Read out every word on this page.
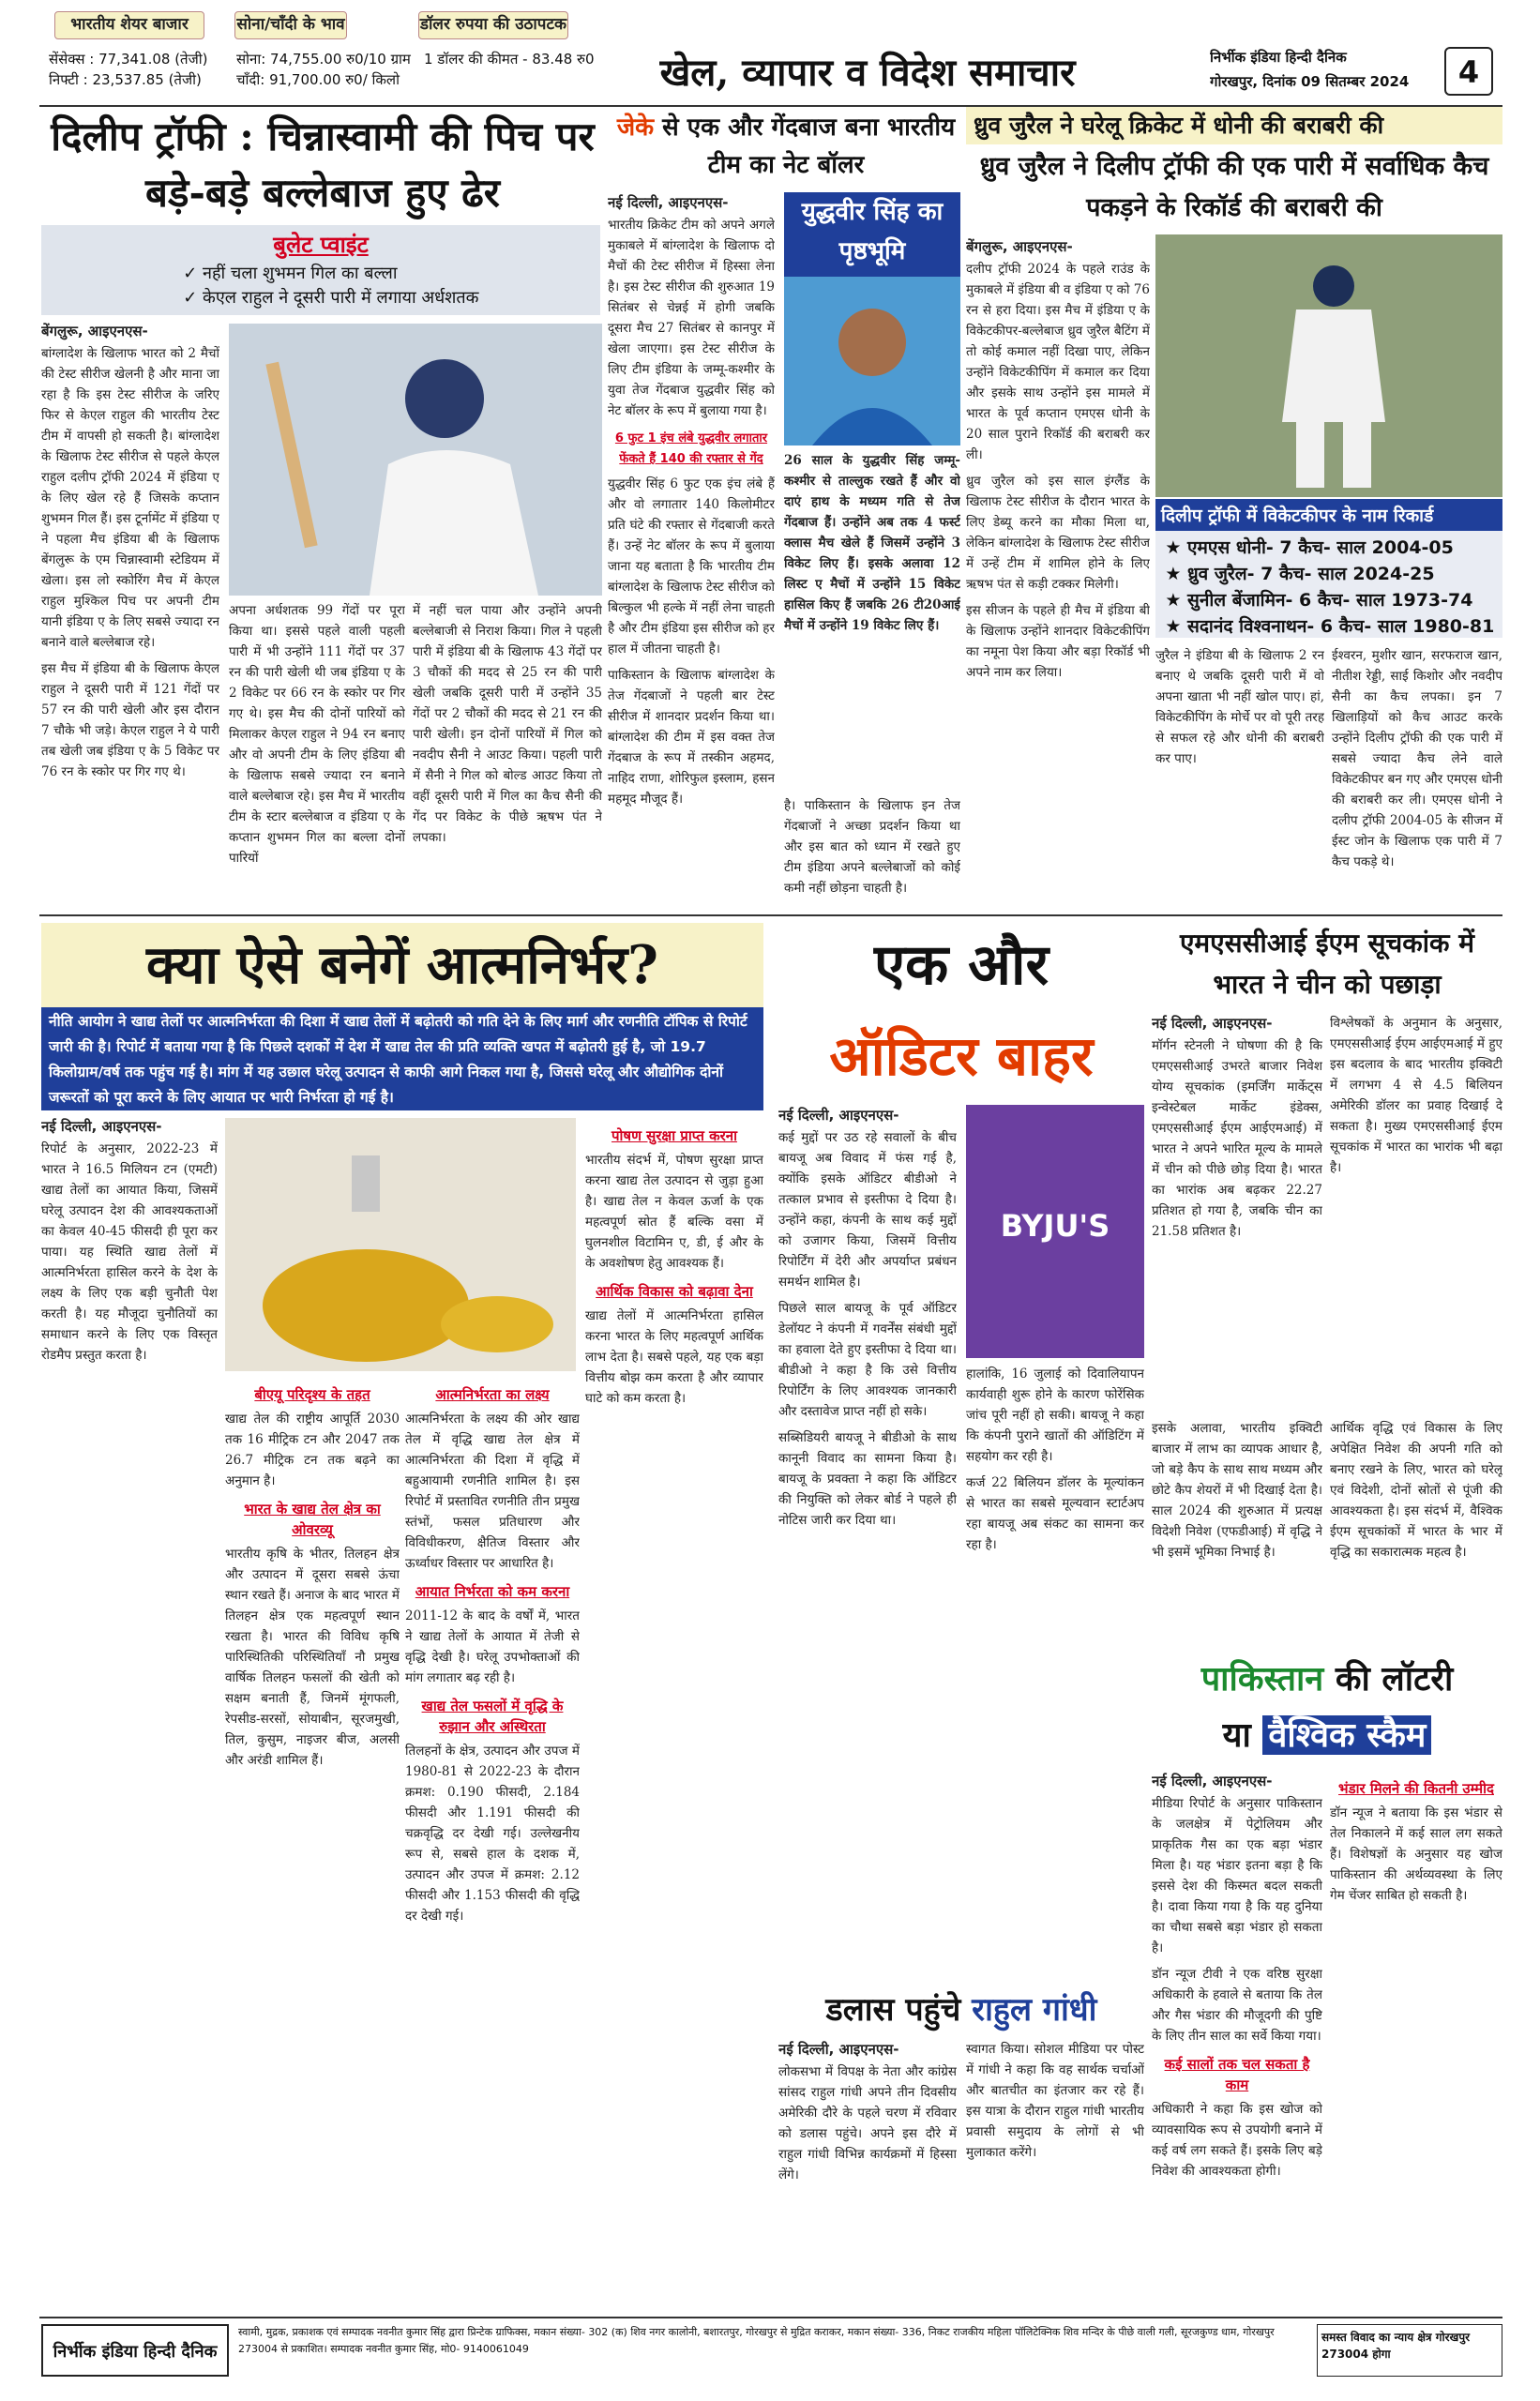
भारतीय शेयर बाजार	सोना/चाँदी के भाव	डॉलर रुपया की उठापटक
सेंसेक्स : 77,341.08 (तेजी)
निफ्टी : 23,537.85 (तेजी)
सोना: 74,755.00 रु0/10 ग्राम
चाँदी: 91,700.00 रु0/ किलो
1 डॉलर की कीमत - 83.48 रु0	खेल, व्यापार व विदेश समाचार	निर्भीक इंडिया हिन्दी दैनिक
गोरखपुर, दिनांक 09 सितम्बर 2024	4
दिलीप ट्रॉफी : चिन्नास्वामी की पिच पर बड़े-बड़े बल्लेबाज हुए ढेर
बुलेट प्वाइंट
✓ नहीं चला शुभमन गिल का बल्ला
✓ केएल राहुल ने दूसरी पारी में लगाया अर्धशतक
बेंगलुरू, आइएनएस-
बांग्लादेश के खिलाफ भारत को 2 मैचों की टेस्ट सीरीज खेलनी है और माना जा रहा है कि इस टेस्ट सीरीज के जरिए फिर से केएल राहुल की भारतीय टेस्ट टीम में वापसी हो सकती है। बांग्लादेश के खिलाफ टेस्ट सीरीज से पहले केएल राहुल दलीप ट्रॉफी 2024 में इंडिया ए के लिए खेल रहे हैं जिसके कप्तान शुभमन गिल हैं। इस टूर्नामेंट में इंडिया ए ने पहला मैच इंडिया बी के खिलाफ बेंगलुरू के एम चिन्नास्वामी स्टेडियम में खेला। इस लो स्कोरिंग मैच में केएल राहुल मुश्किल पिच पर अपनी टीम यानी इंडिया ए के लिए सबसे ज्यादा रन बनाने वाले बल्लेबाज रहे।
इस मैच में इंडिया बी के खिलाफ केएल राहुल ने दूसरी पारी में 121 गेंदों पर 57 रन की पारी खेली और इस दौरान 7 चौके भी जड़े। केएल राहुल ने ये पारी तब खेली जब इंडिया ए के 5 विकेट पर 76 रन के स्कोर पर गिर गए थे।
अपना अर्धशतक 99 गेंदों पर पूरा किया था। इससे पहले वाली पहली पारी में भी उन्होंने 111 गेंदों पर 37 रन की पारी खेली थी जब इंडिया ए के 2 विकेट पर 66 रन के स्कोर पर गिर गए थे। इस मैच की दोनों पारियों को मिलाकर केएल राहुल ने 94 रन बनाए और वो अपनी टीम के लिए इंडिया बी के खिलाफ सबसे ज्यादा रन बनाने वाले बल्लेबाज रहे। इस मैच में भारतीय टीम के स्टार बल्लेबाज व इंडिया ए के कप्तान शुभमन गिल का बल्ला दोनों पारियों
में नहीं चल पाया और उन्होंने अपनी बल्लेबाजी से निराश किया। गिल ने पहली पारी में इंडिया बी के खिलाफ 43 गेंदों पर 3 चौकों की मदद से 25 रन की पारी खेली जबकि दूसरी पारी में उन्होंने 35 गेंदों पर 2 चौकों की मदद से 21 रन की पारी खेली। इन दोनों पारियों में गिल को नवदीप सैनी ने आउट किया। पहली पारी में सैनी ने गिल को बोल्ड आउट किया तो वहीं दूसरी पारी में गिल का कैच सैनी की गेंद पर विकेट के पीछे ऋषभ पंत ने लपका।
जेके से एक और गेंदबाज बना भारतीय टीम का नेट बॉलर
नई दिल्ली, आइएनएस-
भारतीय क्रिकेट टीम को अपने अगले मुकाबले में बांग्लादेश के खिलाफ दो मैचों की टेस्ट सीरीज में हिस्सा लेना है। इस टेस्ट सीरीज की शुरुआत 19 सितंबर से चेन्नई में होगी जबकि दूसरा मैच 27 सितंबर से कानपुर में खेला जाएगा। इस टेस्ट सीरीज के लिए टीम इंडिया के जम्मू-कश्मीर के युवा तेज गेंदबाज युद्धवीर सिंह को नेट बॉलर के रूप में बुलाया गया है।
6 फुट 1 इंच लंबे युद्धवीर लगातार फेंकते हैं 140 की रफ्तार से गेंद
युद्धवीर सिंह 6 फुट एक इंच लंबे हैं और वो लगातार 140 किलोमीटर प्रति घंटे की रफ्तार से गेंदबाजी करते हैं। उन्हें नेट बॉलर के रूप में बुलाया जाना यह बताता है कि भारतीय टीम बांग्लादेश के खिलाफ टेस्ट सीरीज को बिल्कुल भी हल्के में नहीं लेना चाहती है और टीम इंडिया इस सीरीज को हर हाल में जीतना चाहती है।
पाकिस्तान के खिलाफ बांग्लादेश के तेज गेंदबाजों ने पहली बार टेस्ट सीरीज में शानदार प्रदर्शन किया था। बांग्लादेश की टीम में इस वक्त तेज गेंदबाज के रूप में तस्कीन अहमद, नाहिद राणा, शोरिफुल इस्लाम, हसन महमूद मौजूद हैं।
युद्धवीर सिंह का पृष्ठभूमि
26 साल के युद्धवीर सिंह जम्मू-कश्मीर से ताल्लुक रखते हैं और वो दाएं हाथ के मध्यम गति से तेज गेंदबाज हैं। उन्होंने अब तक 4 फर्स्ट क्लास मैच खेले हैं जिसमें उन्होंने 3 विकेट लिए हैं। इसके अलावा 12 लिस्ट ए मैचों में उन्होंने 15 विकेट हासिल किए हैं जबकि 26 टी20आई मैचों में उन्होंने 19 विकेट लिए हैं।
है। पाकिस्तान के खिलाफ इन तेज गेंदबाजों ने अच्छा प्रदर्शन किया था और इस बात को ध्यान में रखते हुए टीम इंडिया अपने बल्लेबाजों को कोई कमी नहीं छोड़ना चाहती है।
ध्रुव जुरैल ने घरेलू क्रिकेट में धोनी की बराबरी की
ध्रुव जुरैल ने दिलीप ट्रॉफी की एक पारी में सर्वाधिक कैच पकड़ने के रिकॉर्ड की बराबरी की
बेंगलुरू, आइएनएस-
दलीप ट्रॉफी 2024 के पहले राउंड के मुकाबले में इंडिया बी व इंडिया ए को 76 रन से हरा दिया। इस मैच में इंडिया ए के विकेटकीपर-बल्लेबाज ध्रुव जुरैल बैटिंग में तो कोई कमाल नहीं दिखा पाए, लेकिन उन्होंने विकेटकीपिंग में कमाल कर दिया और इसके साथ उन्होंने इस मामले में भारत के पूर्व कप्तान एमएस धोनी के 20 साल पुराने रिकॉर्ड की बराबरी कर ली।
ध्रुव जुरैल को इस साल इंग्लैंड के खिलाफ टेस्ट सीरीज के दौरान भारत के लिए डेब्यू करने का मौका मिला था, लेकिन बांग्लादेश के खिलाफ टेस्ट सीरीज में उन्हें टीम में शामिल होने के लिए ऋषभ पंत से कड़ी टक्कर मिलेगी।
इस सीजन के पहले ही मैच में इंडिया बी के खिलाफ उन्होंने शानदार विकेटकीपिंग का नमूना पेश किया और बड़ा रिकॉर्ड भी अपने नाम कर लिया।
दिलीप ट्रॉफी में विकेटकीपर के नाम रिकार्ड
★ एमएस धोनी- 7 कैच- साल 2004-05
★ ध्रुव जुरैल- 7 कैच- साल 2024-25
★ सुनील बेंजामिन- 6 कैच- साल 1973-74
★ सदानंद विश्वनाथन- 6 कैच- साल 1980-81
जुरैल ने इंडिया बी के खिलाफ 2 रन बनाए थे जबकि दूसरी पारी में वो अपना खाता भी नहीं खोल पाए। हां, विकेटकीपिंग के मोर्चे पर वो पूरी तरह से सफल रहे और धोनी की बराबरी कर पाए।
ईश्वरन, मुशीर खान, सरफराज खान, नीतीश रेड्डी, साई किशोर और नवदीप सैनी का कैच लपका। इन 7 खिलाड़ियों को कैच आउट करके उन्होंने दिलीप ट्रॉफी की एक पारी में सबसे ज्यादा कैच लेने वाले विकेटकीपर बन गए और एमएस धोनी की बराबरी कर ली। एमएस धोनी ने दलीप ट्रॉफी 2004-05 के सीजन में ईस्ट जोन के खिलाफ एक पारी में 7 कैच पकड़े थे।
क्या ऐसे बनेगें आत्मनिर्भर?
नीति आयोग ने खाद्य तेलों पर आत्मनिर्भरता की दिशा में खाद्य तेलों में बढ़ोतरी को गति देने के लिए मार्ग और रणनीति टॉपिक से रिपोर्ट जारी की है। रिपोर्ट में बताया गया है कि पिछले दशकों में देश में खाद्य तेल की प्रति व्यक्ति खपत में बढ़ोतरी हुई है, जो 19.7 किलोग्राम/वर्ष तक पहुंच गई है। मांग में यह उछाल घरेलू उत्पादन से काफी आगे निकल गया है, जिससे घरेलू और औद्योगिक दोनों जरूरतों को पूरा करने के लिए आयात पर भारी निर्भरता हो गई है।
नई दिल्ली, आइएनएस-
रिपोर्ट के अनुसार, 2022-23 में भारत ने 16.5 मिलियन टन (एमटी) खाद्य तेलों का आयात किया, जिसमें घरेलू उत्पादन देश की आवश्यकताओं का केवल 40-45 फीसदी ही पूरा कर पाया। यह स्थिति खाद्य तेलों में आत्मनिर्भरता हासिल करने के देश के लक्ष्य के लिए एक बड़ी चुनौती पेश करती है। यह मौजूदा चुनौतियों का समाधान करने के लिए एक विस्तृत रोडमैप प्रस्तुत करता है।
बीएयू परिदृश्य के तहत
खाद्य तेल की राष्ट्रीय आपूर्ति 2030 तक 16 मीट्रिक टन और 2047 तक 26.7 मीट्रिक टन तक बढ़ने का अनुमान है।
भारत के खाद्य तेल क्षेत्र का ओवरव्यू
भारतीय कृषि के भीतर, तिलहन क्षेत्र और उत्पादन में दूसरा सबसे ऊंचा स्थान रखते हैं। अनाज के बाद भारत में तिलहन क्षेत्र एक महत्वपूर्ण स्थान रखता है। भारत की विविध कृषि पारिस्थितिकी परिस्थितियाँ नौ प्रमुख वार्षिक तिलहन फसलों की खेती को सक्षम बनाती हैं, जिनमें मूंगफली, रेपसीड-सरसों, सोयाबीन, सूरजमुखी, तिल, कुसुम, नाइजर बीज, अलसी और अरंडी शामिल हैं।
आत्मनिर्भरता का लक्ष्य
आत्मनिर्भरता के लक्ष्य की ओर खाद्य तेल में वृद्धि खाद्य तेल क्षेत्र में आत्मनिर्भरता की दिशा में वृद्धि में बहुआयामी रणनीति शामिल है। इस रिपोर्ट में प्रस्तावित रणनीति तीन प्रमुख स्तंभों, फसल प्रतिधारण और विविधीकरण, क्षैतिज विस्तार और ऊर्ध्वाधर विस्तार पर आधारित है।
आयात निर्भरता को कम करना
2011-12 के बाद के वर्षों में, भारत ने खाद्य तेलों के आयात में तेजी से वृद्धि देखी है। घरेलू उपभोक्ताओं की मांग लगातार बढ़ रही है।
खाद्य तेल फसलों में वृद्धि के रुझान और अस्थिरता
तिलहनों के क्षेत्र, उत्पादन और उपज में 1980-81 से 2022-23 के दौरान क्रमश: 0.190 फीसदी, 2.184 फीसदी और 1.191 फीसदी की चक्रवृद्धि दर देखी गई। उल्लेखनीय रूप से, सबसे हाल के दशक में, उत्पादन और उपज में क्रमश: 2.12 फीसदी और 1.153 फीसदी की वृद्धि दर देखी गई।
पोषण सुरक्षा प्राप्त करना
भारतीय संदर्भ में, पोषण सुरक्षा प्राप्त करना खाद्य तेल उत्पादन से जुड़ा हुआ है। खाद्य तेल न केवल ऊर्जा के एक महत्वपूर्ण स्रोत हैं बल्कि वसा में घुलनशील विटामिन ए, डी, ई और के के अवशोषण हेतु आवश्यक हैं।
आर्थिक विकास को बढ़ावा देना
खाद्य तेलों में आत्मनिर्भरता हासिल करना भारत के लिए महत्वपूर्ण आर्थिक लाभ देता है। सबसे पहले, यह एक बड़ा वित्तीय बोझ कम करता है और व्यापार घाटे को कम करता है।
एक और
ऑडिटर बाहर
नई दिल्ली, आइएनएस-
कई मुद्दों पर उठ रहे सवालों के बीच बायजू अब विवाद में फंस गई है, क्योंकि इसके ऑडिटर बीडीओ ने तत्काल प्रभाव से इस्तीफा दे दिया है। उन्होंने कहा, कंपनी के साथ कई मुद्दों को उजागर किया, जिसमें वित्तीय रिपोर्टिंग में देरी और अपर्याप्त प्रबंधन समर्थन शामिल है।
पिछले साल बायजू के पूर्व ऑडिटर डेलॉयट ने कंपनी में गवर्नेंस संबंधी मुद्दों का हवाला देते हुए इस्तीफा दे दिया था। बीडीओ ने कहा है कि उसे वित्तीय रिपोर्टिंग के लिए आवश्यक जानकारी और दस्तावेज प्राप्त नहीं हो सके।
सब्सिडियरी बायजू ने बीडीओ के साथ कानूनी विवाद का सामना किया है। बायजू के प्रवक्ता ने कहा कि ऑडिटर की नियुक्ति को लेकर बोर्ड ने पहले ही नोटिस जारी कर दिया था।
BYJU'S
हालांकि, 16 जुलाई को दिवालियापन कार्यवाही शुरू होने के कारण फोरेंसिक जांच पूरी नहीं हो सकी। बायजू ने कहा कि कंपनी पुराने खातों की ऑडिटिंग में सहयोग कर रही है।
कर्ज 22 बिलियन डॉलर के मूल्यांकन से भारत का सबसे मूल्यवान स्टार्टअप रहा बायजू अब संकट का सामना कर रहा है।
डलास पहुंचे राहुल गांधी
नई दिल्ली, आइएनएस-
लोकसभा में विपक्ष के नेता और कांग्रेस सांसद राहुल गांधी अपने तीन दिवसीय अमेरिकी दौरे के पहले चरण में रविवार को डलास पहुंचे। अपने इस दौरे में राहुल गांधी विभिन्न कार्यक्रमों में हिस्सा लेंगे।
स्वागत किया। सोशल मीडिया पर पोस्ट में गांधी ने कहा कि वह सार्थक चर्चाओं और बातचीत का इंतजार कर रहे हैं। इस यात्रा के दौरान राहुल गांधी भारतीय प्रवासी समुदाय के लोगों से भी मुलाकात करेंगे।
एमएससीआई ईएम सूचकांक में भारत ने चीन को पछाड़ा
नई दिल्ली, आइएनएस-
मॉर्गन स्टेनली ने घोषणा की है कि एमएससीआई उभरते बाजार निवेश योग्य सूचकांक (इमर्जिंग मार्केट्स इन्वेस्टेबल मार्केट इंडेक्स, एमएससीआई ईएम आईएमआई) में भारत ने अपने भारित मूल्य के मामले में चीन को पीछे छोड़ दिया है। भारत का भारांक अब बढ़कर 22.27 प्रतिशत हो गया है, जबकि चीन का 21.58 प्रतिशत है।
विश्लेषकों के अनुमान के अनुसार, एमएससीआई ईएम आईएमआई में हुए इस बदलाव के बाद भारतीय इक्विटी में लगभग 4 से 4.5 बिलियन अमेरिकी डॉलर का प्रवाह दिखाई दे सकता है। मुख्य एमएससीआई ईएम सूचकांक में भारत का भारांक भी बढ़ा है।
इसके अलावा, भारतीय इक्विटी बाजार में लाभ का व्यापक आधार है, जो बड़े कैप के साथ साथ मध्यम और छोटे कैप शेयरों में भी दिखाई देता है। साल 2024 की शुरुआत में प्रत्यक्ष विदेशी निवेश (एफडीआई) में वृद्धि ने भी इसमें भूमिका निभाई है।
आर्थिक वृद्धि एवं विकास के लिए अपेक्षित निवेश की अपनी गति को बनाए रखने के लिए, भारत को घरेलू एवं विदेशी, दोनों स्रोतों से पूंजी की आवश्यकता है। इस संदर्भ में, वैश्विक ईएम सूचकांकों में भारत के भार में वृद्धि का सकारात्मक महत्व है।
पाकिस्तान की लॉटरी
या वैश्विक स्कैम
नई दिल्ली, आइएनएस-
मीडिया रिपोर्ट के अनुसार पाकिस्तान के जलक्षेत्र में पेट्रोलियम और प्राकृतिक गैस का एक बड़ा भंडार मिला है। यह भंडार इतना बड़ा है कि इससे देश की किस्मत बदल सकती है। दावा किया गया है कि यह दुनिया का चौथा सबसे बड़ा भंडार हो सकता है।
डॉन न्यूज टीवी ने एक वरिष्ठ सुरक्षा अधिकारी के हवाले से बताया कि तेल और गैस भंडार की मौजूदगी की पुष्टि के लिए तीन साल का सर्वे किया गया।
कई सालों तक चल सकता है काम
अधिकारी ने कहा कि इस खोज को व्यावसायिक रूप से उपयोगी बनाने में कई वर्ष लग सकते हैं। इसके लिए बड़े निवेश की आवश्यकता होगी।
भंडार मिलने की कितनी उम्मीद
डॉन न्यूज ने बताया कि इस भंडार से तेल निकालने में कई साल लग सकते हैं। विशेषज्ञों के अनुसार यह खोज पाकिस्तान की अर्थव्यवस्था के लिए गेम चेंजर साबित हो सकती है।
निर्भीक इंडिया हिन्दी दैनिक
स्वामी, मुद्रक, प्रकाशक एवं सम्पादक नवनीत कुमार सिंह द्वारा प्रिन्टेक ग्राफिक्स, मकान संख्या- 302 (क) शिव नगर कालोनी, बशारतपुर, गोरखपुर से मुद्रित कराकर, मकान संख्या- 336, निकट राजकीय महिला पॉलिटेक्निक शिव मन्दिर के पीछे वाली गली, सूरजकुण्ड धाम, गोरखपुर 273004 से प्रकाशित। सम्पादक नवनीत कुमार सिंह, मो0- 9140061049
समस्त विवाद का न्याय क्षेत्र गोरखपुर 273004 होगा
